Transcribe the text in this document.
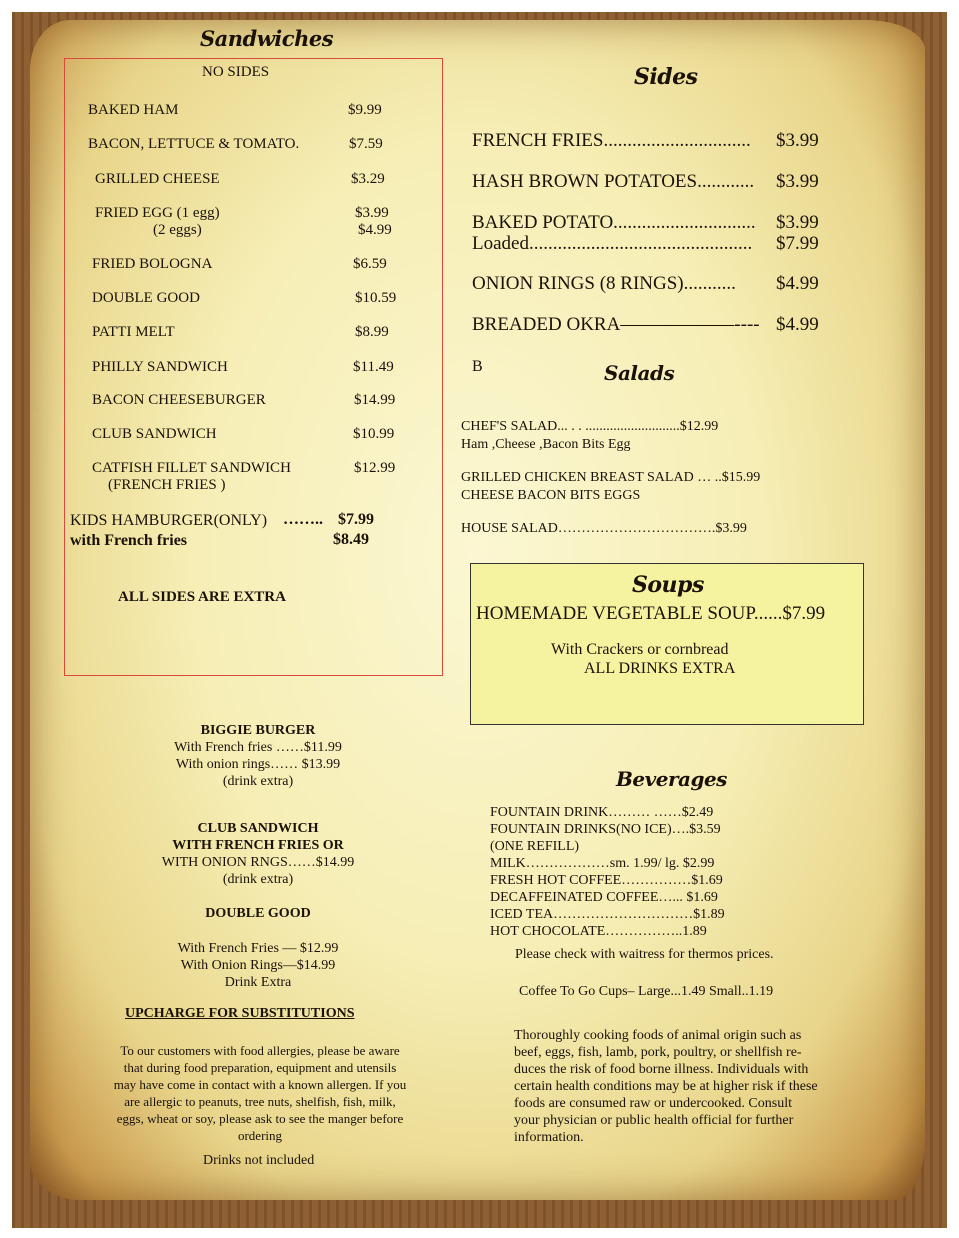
Sandwiches
NO SIDES
BAKED HAM	$9.99
BACON, LETTUCE & TOMATO.	$7.59
GRILLED CHEESE	$3.29
FRIED EGG (1 egg)	$3.99
(2 eggs)	$4.99
FRIED BOLOGNA	$6.59
DOUBLE GOOD	$10.59
PATTI MELT	$8.99
PHILLY SANDWICH	$11.49
BACON CHEESEBURGER	$14.99
CLUB SANDWICH	$10.99
CATFISH FILLET SANDWICH	$12.99
(FRENCH FRIES )
KIDS HAMBURGER(ONLY) …….. $7.99
with French fries	$8.49
ALL SIDES ARE EXTRA
Sides
FRENCH FRIES............................... $3.99
HASH BROWN POTATOES............ $3.99
BAKED POTATO.............................. $3.99
Loaded............................................... $7.99
ONION RINGS (8 RINGS)........... $4.99
BREADED OKRA——————---- $4.99
B	Salads
CHEF'S SALAD... . . ...........................$12.99
Ham ,Cheese ,Bacon Bits Egg
GRILLED CHICKEN BREAST SALAD … ..$15.99
CHEESE BACON BITS EGGS
HOUSE SALAD…………………………….$3.99
Soups
HOMEMADE VEGETABLE SOUP......$7.99
With Crackers or cornbread
ALL DRINKS EXTRA
BIGGIE BURGER
With French fries ……$11.99
With onion rings…… $13.99
(drink extra)
CLUB SANDWICH
WITH FRENCH FRIES OR
WITH ONION RNGS……$14.99
(drink extra)
DOUBLE GOOD
With French Fries — $12.99
With Onion Rings—$14.99
Drink Extra
UPCHARGE FOR SUBSTITUTIONS
To our customers with food allergies, please be aware
that during food preparation, equipment and utensils
may have come in contact with a known allergen. If you
are allergic to peanuts, tree nuts, shelfish, fish, milk,
eggs, wheat or soy, please ask to see the manger before
ordering
Drinks not included
Beverages
FOUNTAIN DRINK……… ……$2.49
FOUNTAIN DRINKS(NO ICE)….$3.59
(ONE REFILL)
MILK………………sm. 1.99/ lg. $2.99
FRESH HOT COFFEE……………$1.69
DECAFFEINATED COFFEE…... $1.69
ICED TEA…………………………$1.89
HOT CHOCOLATE……………..1.89
Please check with waitress for thermos prices.
Coffee To Go Cups– Large...1.49 Small..1.19
Thoroughly cooking foods of animal origin such as
beef, eggs, fish, lamb, pork, poultry, or shellfish re-
duces the risk of food borne illness. Individuals with
certain health conditions may be at higher risk if these
foods are consumed raw or undercooked. Consult
your physician or public health official for further
information.
